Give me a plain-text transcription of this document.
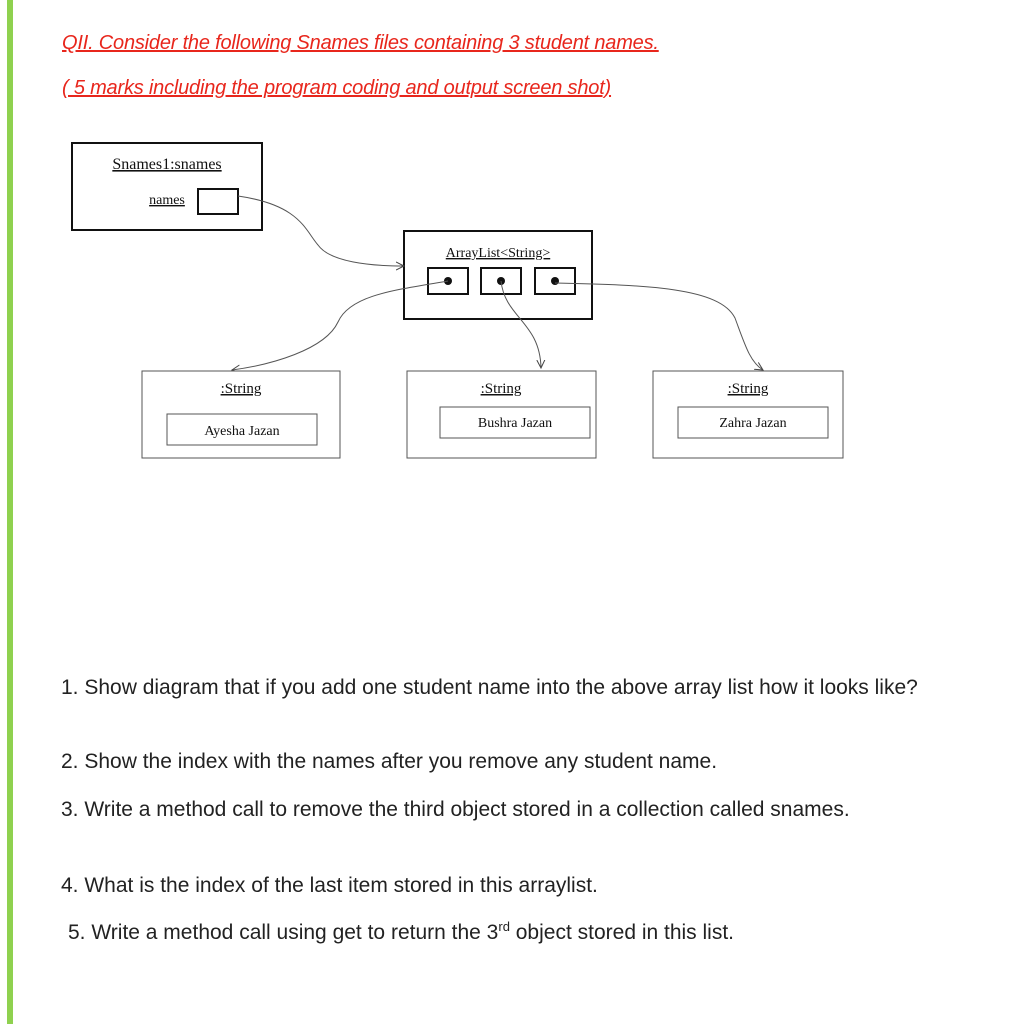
QII. Consider the following Snames files containing 3 student names.

( 5 marks including the program coding and output screen shot)

Snames1:snames
names
ArrayList<String>
:String
Ayesha Jazan
:String
Bushra Jazan
:String
Zahra Jazan

1. Show diagram that if you add one student name into the above array list how it looks like?

2. Show the index with the names after you remove any student name.

3. Write a method call to remove the third object stored in a collection called snames.

4. What is the index of the last item stored in this arraylist.

5. Write a method call using get to return the 3rd object stored in this list.
